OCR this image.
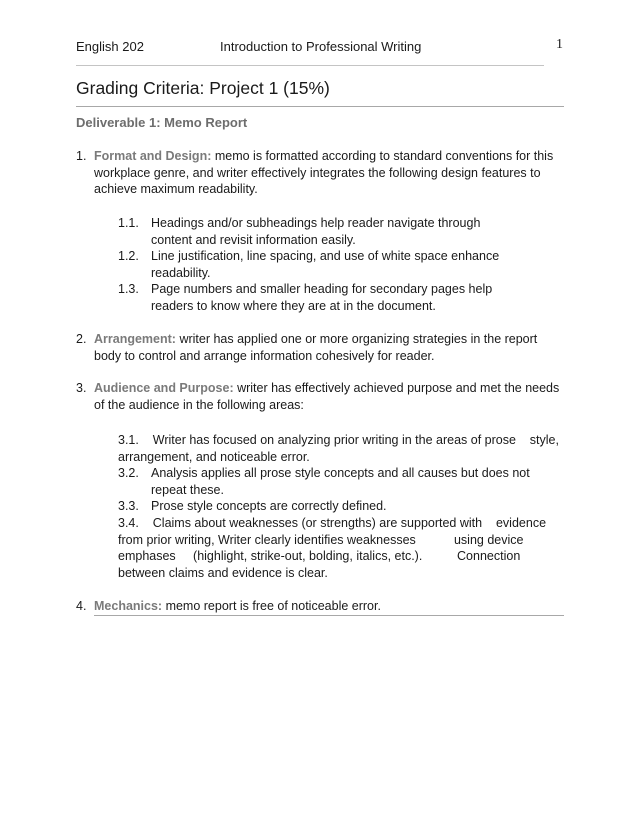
English 202	Introduction to Professional Writing	1
Grading Criteria: Project 1 (15%)
Deliverable 1: Memo Report
1. Format and Design: memo is formatted according to standard conventions for this
workplace genre, and writer effectively integrates the following design features to
achieve maximum readability.
1.1. Headings and/or subheadings help reader navigate through
content and revisit information easily.
1.2. Line justification, line spacing, and use of white space enhance
readability.
1.3. Page numbers and smaller heading for secondary pages help
readers to know where they are at in the document.
2. Arrangement: writer has applied one or more organizing strategies in the report
body to control and arrange information cohesively for reader.
3. Audience and Purpose: writer has effectively achieved purpose and met the needs
of the audience in the following areas:
3.1. Writer has focused on analyzing prior writing in the areas of prose    style,
arrangement, and noticeable error.
3.2. Analysis applies all prose style concepts and all causes but does not
repeat these.
3.3. Prose style concepts are correctly defined.
3.4. Claims about weaknesses (or strengths) are supported with    evidence
from prior writing, Writer clearly identifies weaknesses           using device
emphases     (highlight, strike-out, bolding, italics, etc.).          Connection
between claims and evidence is clear.
4. Mechanics: memo report is free of noticeable error.
